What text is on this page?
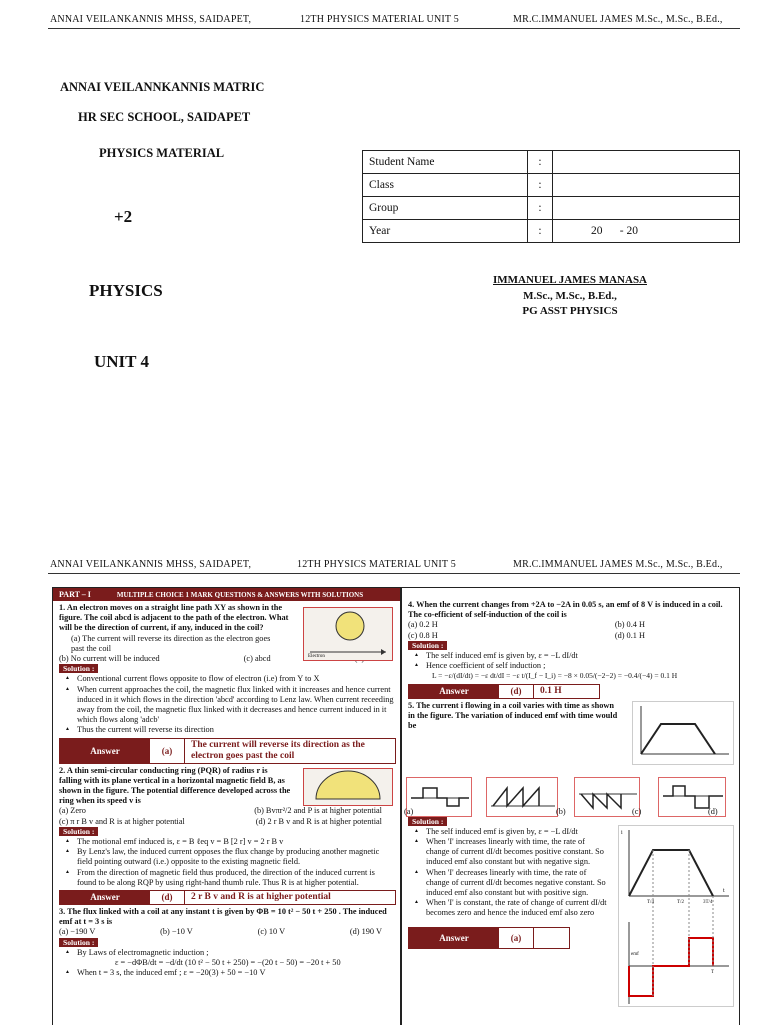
ANNAI VEILANKANNIS MHSS, SAIDAPET,	12TH PHYSICS MATERIAL UNIT 5	MR.C.IMMANUEL JAMES M.Sc., M.Sc., B.Ed.,
ANNAI VEILANNKANNIS MATRIC
HR SEC SCHOOL, SAIDAPET
PHYSICS MATERIAL
+2
PHYSICS
UNIT 4
Student Name	:	
Class	:	
Group	:	
Year	:	20      - 20
IMMANUEL JAMES MANASA
M.Sc., M.Sc., B.Ed.,
PG ASST PHYSICS
ANNAI VEILANKANNIS MHSS, SAIDAPET,	12TH PHYSICS MATERIAL UNIT 5	MR.C.IMMANUEL JAMES M.Sc., M.Sc., B.Ed.,
PART – I	MULTIPLE CHOICE 1 MARK QUESTIONS & ANSWERS WITH SOLUTIONS
1. An electron moves on a straight line path XY as shown in the figure. The coil abcd is adjacent to the path of the electron. What will be the direction of current, if any, induced in the coil?
Electron
(a) The current will reverse its direction as the electron goes past the coil
(b) No current will be induced	(c) abcd
Solution :
▲ Conventional current flows opposite to flow of electron (i.e) from Y to X
▲ When current approaches the coil, the magnetic flux linked with it increases and hence current induced in it which flows in the direction 'abcd' according to Lenz law. When current receeding away from the coil, the magnetic flux linked with it decreases and hence current induced in it which flows along 'adcb'
▲ Thus the current will reverse its direction
Answer	(a)
The current will reverse its direction as the electron goes past the coil
2. A thin semi-circular conducting ring (PQR) of radius r is falling with its plane vertical in a horizontal magnetic field B, as shown in the figure. The potential difference developed across the ring when its speed v is
(a) Zero	(b) Bvπr²/2 and P is at higher potential
(c) π r B v and R is at higher potential	(d) 2 r B v and R is at higher potential
Solution :
▲ The motional emf induced is, ε = B ℓeq v = B [2 r] v = 2 r B v
▲ By Lenz's law, the induced current opposes the flux change by producing another magnetic field pointing outward (i.e.) opposite to the existing magnetic field.
▲ From the direction of magnetic field thus produced, the direction of the induced current is found to be along RQP by using right-hand thumb rule. Thus R is at higher potential.
Answer	(d)	2 r B v and R is at higher potential
3. The flux linked with a coil at any instant t is given by ΦB = 10 t² − 50 t + 250 . The induced emf at t = 3 s is
(a) −190 V	(b) −10 V	(c) 10 V	(d) 190 V
Solution :
▲ By Laws of electromagnetic induction ;
ε = −dΦB/dt = −d/dt (10 t² − 50 t + 250) = −(20 t − 50) = −20 t + 50
▲ When t = 3 s, the induced emf ; ε = −20(3) + 50 = −10 V
4. When the current changes from +2A to −2A in 0.05 s, an emf of 8 V is induced in a coil. The co-efficient of self-induction of the coil is
(a) 0.2 H	(b) 0.4 H
(c) 0.8 H	(d) 0.1 H
Solution :
▲ The self induced emf is given by, ε = −L dI/dt
▲ Hence coefficient of self induction ;
L = −ε/(dI/dt) = −ε dt/dI = −ε t/(I_f − I_i) = −8 × 0.05/(−2−2) = −0.4/(−4) = 0.1 H
Answer	(d)	0.1 H
5. The current i flowing in a coil varies with time as shown in the figure. The variation of induced emf with time would be
(a)	(b)	(c)	(d)
Solution :
▲ The self induced emf is given by, ε = −L dI/dt
▲ When 'I' increases linearly with time, the rate of change of current dI/dt becomes positive constant. So induced emf also constant but with negative sign.
▲ When 'I' decreases linearly with time, the rate of change of current dI/dt becomes negative constant. So induced emf also constant but with positive sign.
▲ When 'I' is constant, the rate of change of current dI/dt becomes zero and hence the induced emf also zero
Answer	(a)
T/4	T/2	3T/4
t
i
emf
T
